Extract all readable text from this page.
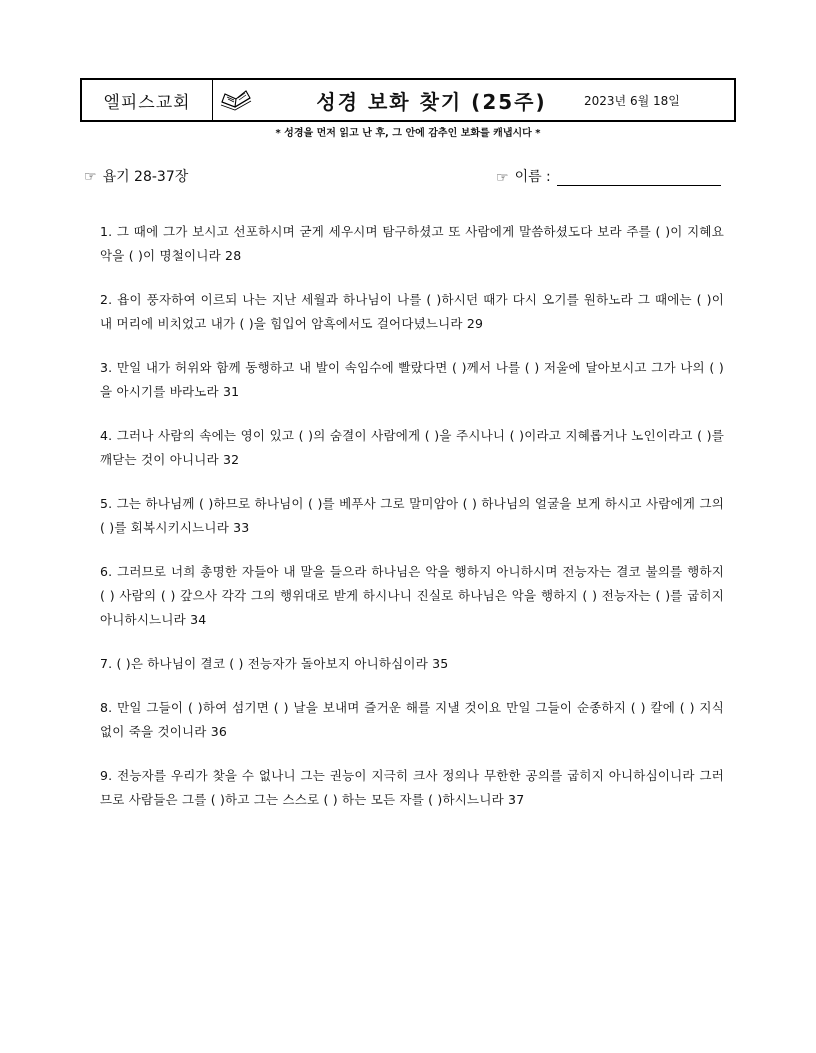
엘피스교회	성경 보화 찾기 (25주)	2023년 6월 18일
* 성경을 먼저 읽고 난 후, 그 안에 감추인 보화를 캐냅시다 *
☞ 욥기 28-37장	☞ 이름 :

1. 그 때에 그가 보시고 선포하시며 굳게 세우시며 탐구하셨고 또 사람에게 말씀하셨도다 보라 주를 ( )이 지혜요 악을 ( )이 명철이니라 28

2. 욥이 풍자하여 이르되 나는 지난 세월과 하나님이 나를 ( )하시던 때가 다시 오기를 원하노라 그 때에는 ( )이 내 머리에 비치었고 내가 ( )을 힘입어 암흑에서도 걸어다녔느니라 29

3. 만일 내가 허위와 함께 동행하고 내 발이 속임수에 빨랐다면 ( )께서 나를 ( ) 저울에 달아보시고 그가 나의 ( )을 아시기를 바라노라 31

4. 그러나 사람의 속에는 영이 있고 ( )의 숨결이 사람에게 ( )을 주시나니 ( )이라고 지혜롭거나 노인이라고 ( )를 깨닫는 것이 아니니라 32

5. 그는 하나님께 ( )하므로 하나님이 ( )를 베푸사 그로 말미암아 ( ) 하나님의 얼굴을 보게 하시고 사람에게 그의 ( )를 회복시키시느니라 33

6. 그러므로 너희 총명한 자들아 내 말을 들으라 하나님은 악을 행하지 아니하시며 전능자는 결코 불의를 행하지 ( ) 사람의 ( ) 갚으사 각각 그의 행위대로 받게 하시나니 진실로 하나님은 악을 행하지 ( ) 전능자는 ( )를 굽히지 아니하시느니라 34

7. ( )은 하나님이 결코 ( ) 전능자가 돌아보지 아니하심이라 35

8. 만일 그들이 ( )하여 섬기면 ( ) 날을 보내며 즐거운 해를 지낼 것이요 만일 그들이 순종하지 ( ) 칼에 ( ) 지식 없이 죽을 것이니라 36

9. 전능자를 우리가 찾을 수 없나니 그는 권능이 지극히 크사 정의나 무한한 공의를 굽히지 아니하심이니라 그러므로 사람들은 그를 ( )하고 그는 스스로 ( ) 하는 모든 자를 ( )하시느니라 37
